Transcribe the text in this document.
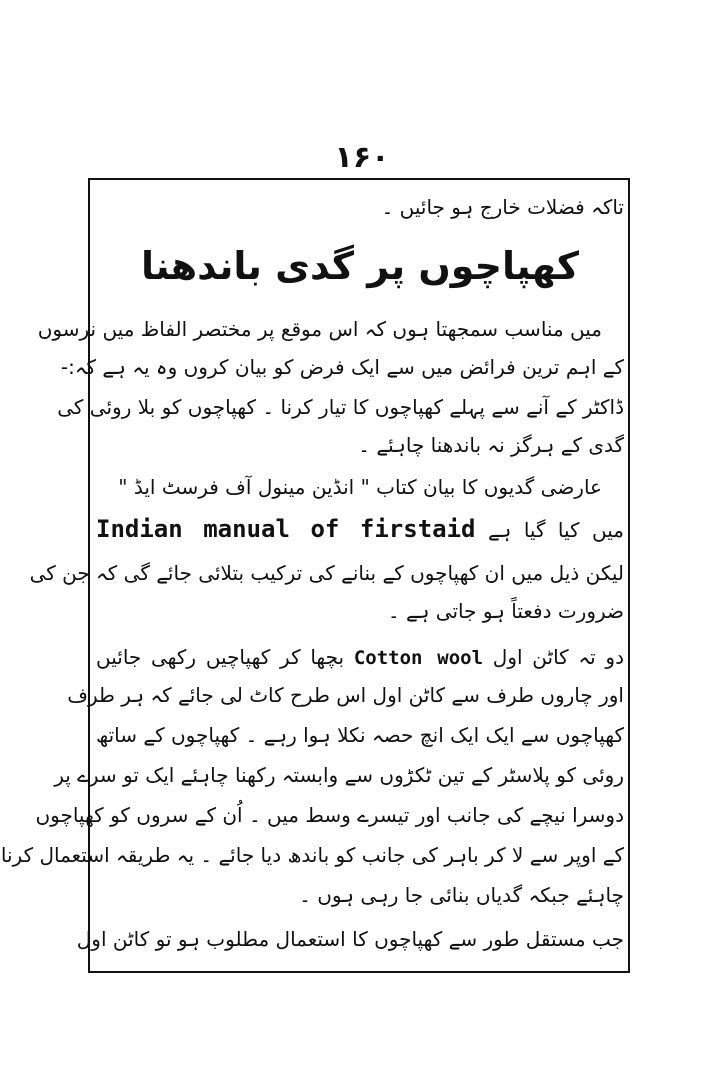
۱۶۰
تاکہ فضلات خارج ہو جائیں ۔
کھپاچوں پر گدی باندھنا
میں مناسب سمجھتا ہوں کہ اس موقع پر مختصر الفاظ میں نرسوں
کے اہم ترین فرائض میں سے ایک فرض کو بیان کروں وہ یہ ہے کہ:-
ڈاکٹر کے آنے سے پہلے کھپاچوں کا تیار کرنا ۔ کھپاچوں کو بلا روئی کی
گدی کے ہرگز نہ باندھنا چاہئے ۔
عارضی گدیوں کا بیان کتاب " انڈین مینول آف فرسٹ ایڈ "
میں کیا گیا ہے Indian manual of firstaid
لیکن ذیل میں ان کھپاچوں کے بنانے کی ترکیب بتلائی جائے گی کہ جن کی
ضرورت دفعتاً ہو جاتی ہے ۔
دو تہ کاٹن اول Cotton wool بچھا کر کھپاچیں رکھی جائیں
اور چاروں طرف سے کاٹن اول اس طرح کاٹ لی جائے کہ ہر طرف
کھپاچوں سے ایک ایک انچ حصہ نکلا ہوا رہے ۔ کھپاچوں کے ساتھ
روئی کو پلاسٹر کے تین ٹکڑوں سے وابستہ رکھنا چاہئے ایک تو سرے پر
دوسرا نیچے کی جانب اور تیسرے وسط میں ۔ اُن کے سروں کو کھپاچوں
کے اوپر سے لا کر باہر کی جانب کو باندھ دیا جائے ۔ یہ طریقہ استعمال کرنا
چاہئے جبکہ گدیاں بنائی جا رہی ہوں ۔
جب مستقل طور سے کھپاچوں کا استعمال مطلوب ہو تو کاٹن اول
